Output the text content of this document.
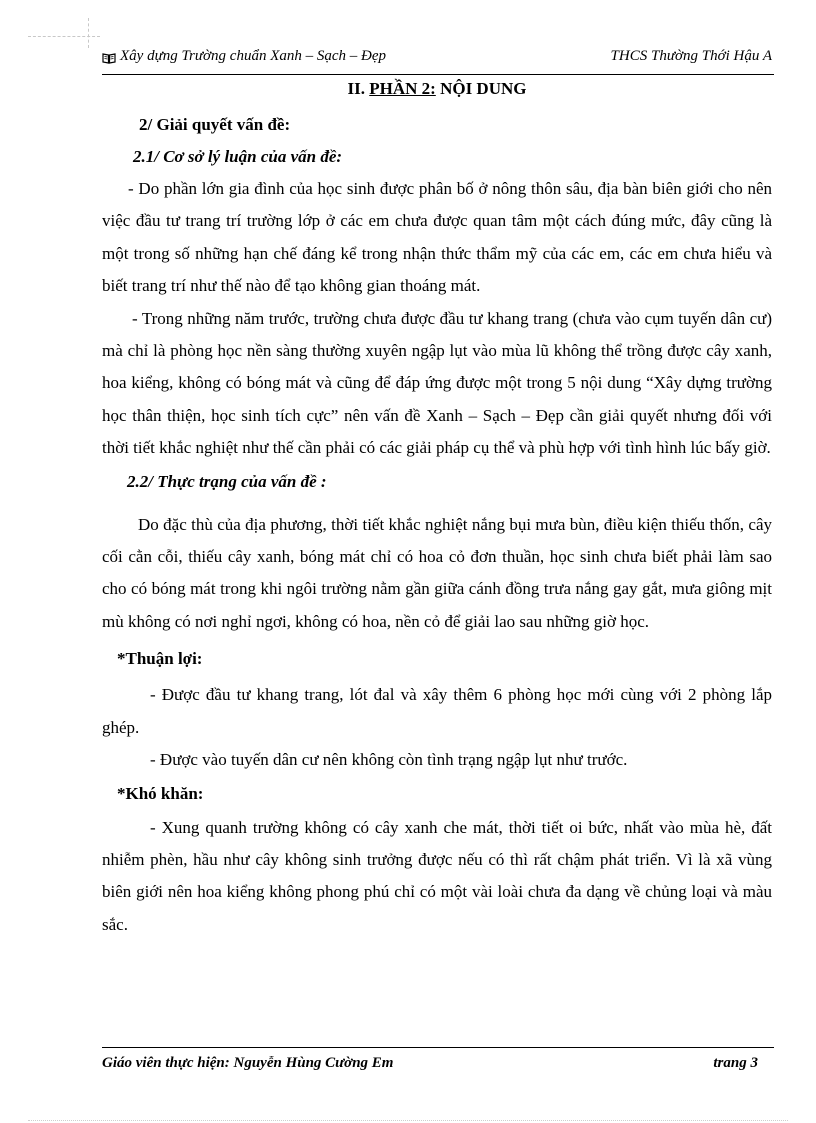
Xây dựng Trường chuẩn Xanh – Sạch – Đẹp	THCS Thường Thới Hậu A

II. PHẦN 2: NỘI DUNG

2/ Giải quyết vấn đề:

2.1/ Cơ sở lý luận của vấn đề:

- Do phần lớn gia đình của học sinh được phân bố ở nông thôn sâu, địa bàn biên giới cho nên việc đầu tư trang trí trường lớp ở các em chưa được quan tâm một cách đúng mức, đây cũng là một trong số những hạn chế đáng kể trong nhận thức thẩm mỹ của các em, các em chưa hiểu và biết trang trí như thế nào để tạo không gian thoáng mát.

- Trong những năm trước, trường chưa được đầu tư khang trang (chưa vào cụm tuyến dân cư) mà chỉ là phòng học nền sàng thường xuyên ngập lụt vào mùa lũ không thể trồng được cây xanh, hoa kiểng, không có bóng mát và cũng để đáp ứng được một trong 5 nội dung “Xây dựng trường học thân thiện, học sinh tích cực” nên vấn đề Xanh – Sạch – Đẹp cần giải quyết nhưng đối với thời tiết khắc nghiệt như thế cần phải có các giải pháp cụ thể và phù hợp với tình hình lúc bấy giờ.

2.2/ Thực trạng của vấn đề :

Do đặc thù của địa phương, thời tiết khắc nghiệt nắng bụi mưa bùn, điều kiện thiếu thốn, cây cối cằn cỗi, thiếu cây xanh, bóng mát chỉ có hoa cỏ đơn thuần, học sinh chưa biết phải làm sao cho có bóng mát trong khi ngôi trường nằm gần giữa cánh đồng trưa nắng gay gắt, mưa giông mịt mù không có nơi nghỉ ngơi, không có hoa, nền cỏ để giải lao sau những giờ học.

*Thuận lợi:

- Được đầu tư khang trang, lót đal và xây thêm 6 phòng học mới cùng với 2 phòng lắp ghép.

- Được vào tuyến dân cư nên không còn tình trạng ngập lụt như trước.

*Khó khăn:

- Xung quanh trường không có cây xanh che mát, thời tiết oi bức, nhất vào mùa hè, đất nhiễm phèn, hầu như cây không sinh trưởng được nếu có thì rất chậm phát triển. Vì là xã vùng biên giới nên hoa kiểng không phong phú chỉ có một vài loài chưa đa dạng về chủng loại và màu sắc.

Giáo viên thực hiện: Nguyễn Hùng Cường Em	trang 3
